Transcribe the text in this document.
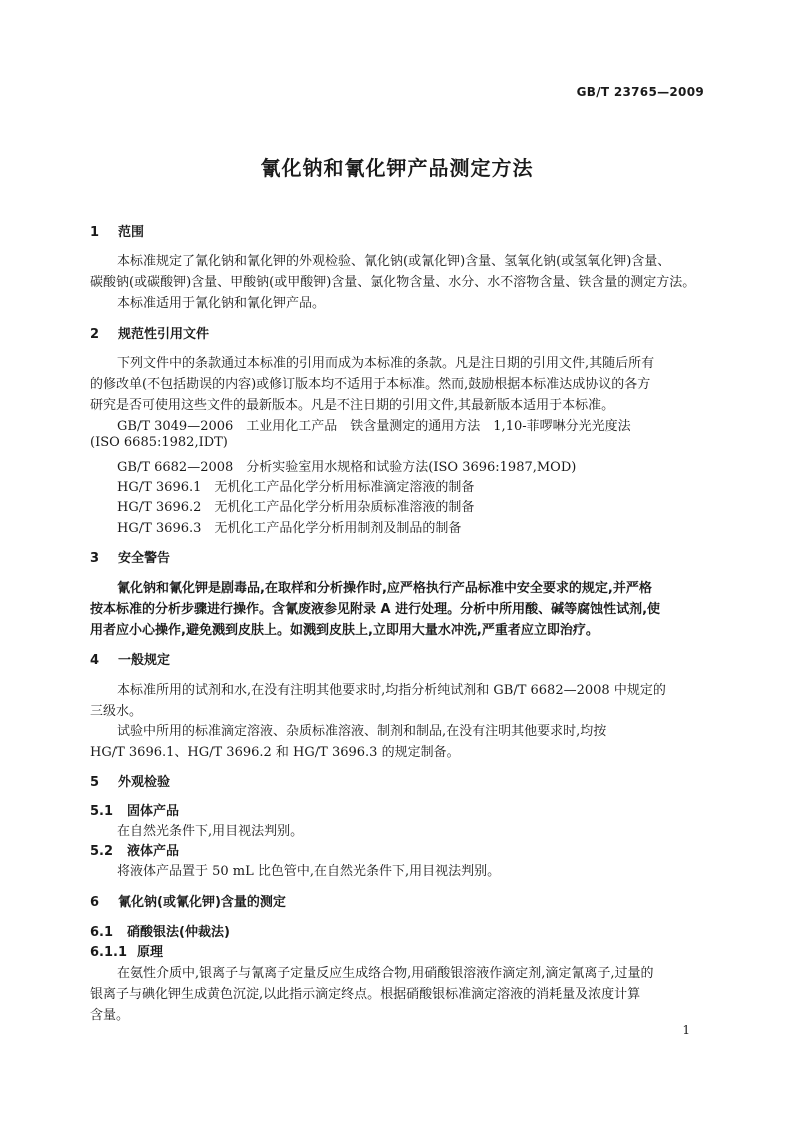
GB/T 23765—2009
氰化钠和氰化钾产品测定方法
1 范围
本标准规定了氰化钠和氰化钾的外观检验、氰化钠(或氰化钾)含量、氢氧化钠(或氢氧化钾)含量、
碳酸钠(或碳酸钾)含量、甲酸钠(或甲酸钾)含量、氯化物含量、水分、水不溶物含量、铁含量的测定方法。
本标准适用于氰化钠和氰化钾产品。
2 规范性引用文件
下列文件中的条款通过本标准的引用而成为本标准的条款。凡是注日期的引用文件,其随后所有
的修改单(不包括勘误的内容)或修订版本均不适用于本标准。然而,鼓励根据本标准达成协议的各方
研究是否可使用这些文件的最新版本。凡是不注日期的引用文件,其最新版本适用于本标准。
GB/T 3049—2006　工业用化工产品　铁含量测定的通用方法　1,10-菲啰啉分光光度法
(ISO 6685:1982,IDT)
GB/T 6682—2008　分析实验室用水规格和试验方法(ISO 3696:1987,MOD)
HG/T 3696.1　无机化工产品化学分析用标准滴定溶液的制备
HG/T 3696.2　无机化工产品化学分析用杂质标准溶液的制备
HG/T 3696.3　无机化工产品化学分析用制剂及制品的制备
3 安全警告
氰化钠和氰化钾是剧毒品,在取样和分析操作时,应严格执行产品标准中安全要求的规定,并严格
按本标准的分析步骤进行操作。含氰废液参见附录 A 进行处理。分析中所用酸、碱等腐蚀性试剂,使
用者应小心操作,避免溅到皮肤上。如溅到皮肤上,立即用大量水冲洗,严重者应立即治疗。
4 一般规定
本标准所用的试剂和水,在没有注明其他要求时,均指分析纯试剂和 GB/T 6682—2008 中规定的
三级水。
试验中所用的标准滴定溶液、杂质标准溶液、制剂和制品,在没有注明其他要求时,均按
HG/T 3696.1、HG/T 3696.2 和 HG/T 3696.3 的规定制备。
5 外观检验
5.1 固体产品
在自然光条件下,用目视法判别。
5.2 液体产品
将液体产品置于 50 mL 比色管中,在自然光条件下,用目视法判别。
6 氰化钠(或氰化钾)含量的测定
6.1 硝酸银法(仲裁法)
6.1.1 原理
在氨性介质中,银离子与氰离子定量反应生成络合物,用硝酸银溶液作滴定剂,滴定氰离子,过量的
银离子与碘化钾生成黄色沉淀,以此指示滴定终点。根据硝酸银标准滴定溶液的消耗量及浓度计算
含量。
1
